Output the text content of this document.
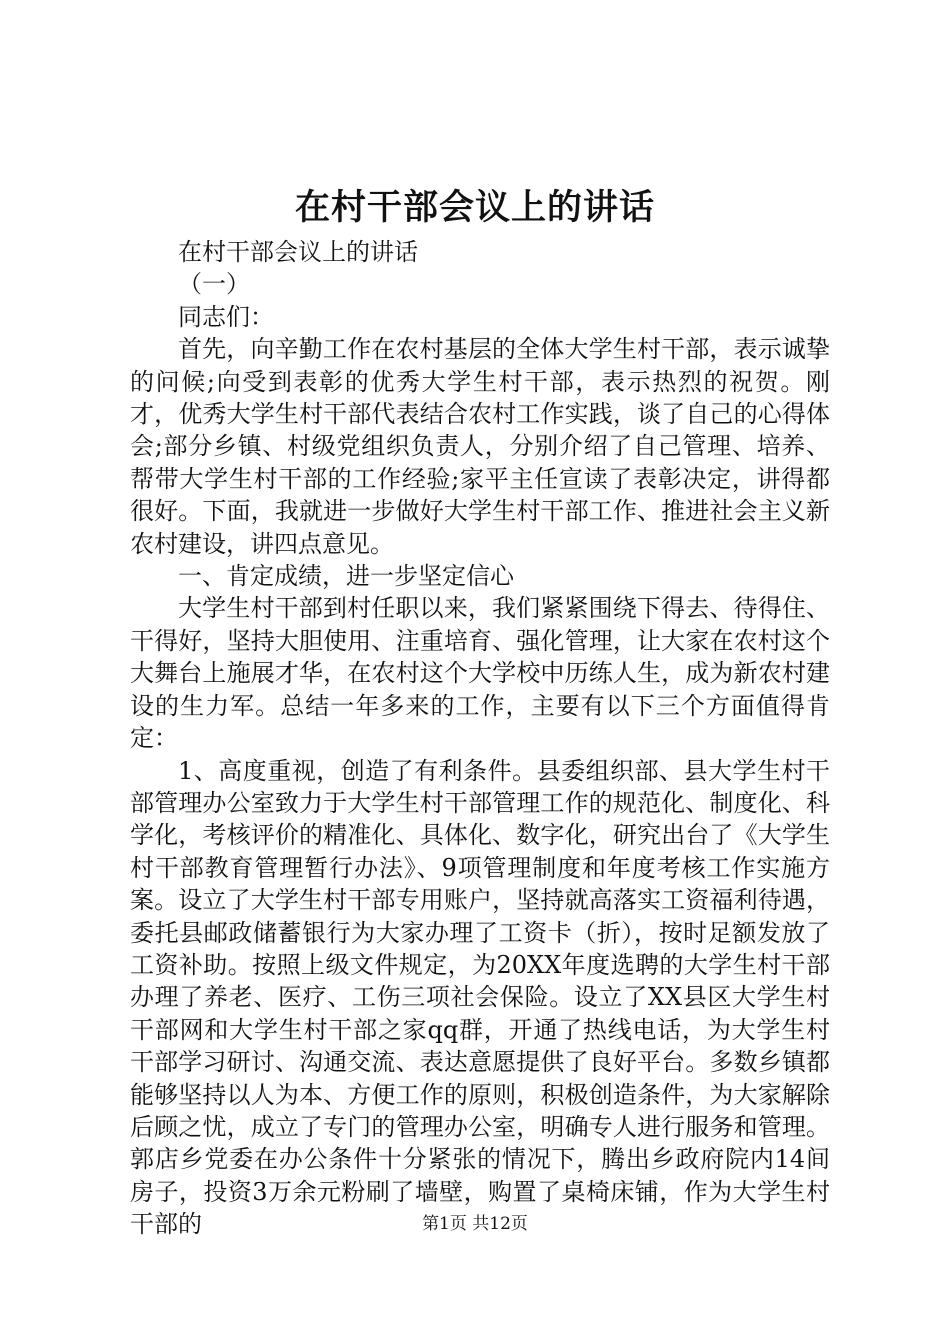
在村干部会议上的讲话

在村干部会议上的讲话

（一）

同志们：

首先，向辛勤工作在农村基层的全体大学生村干部，表示诚挚的问候;向受到表彰的优秀大学生村干部，表示热烈的祝贺。刚才，优秀大学生村干部代表结合农村工作实践，谈了自己的心得体会;部分乡镇、村级党组织负责人，分别介绍了自己管理、培养、帮带大学生村干部的工作经验;家平主任宣读了表彰决定，讲得都很好。下面，我就进一步做好大学生村干部工作、推进社会主义新农村建设，讲四点意见。

一、肯定成绩，进一步坚定信心

大学生村干部到村任职以来，我们紧紧围绕下得去、待得住、干得好，坚持大胆使用、注重培育、强化管理，让大家在农村这个大舞台上施展才华，在农村这个大学校中历练人生，成为新农村建设的生力军。总结一年多来的工作，主要有以下三个方面值得肯定：

1、高度重视，创造了有利条件。县委组织部、县大学生村干部管理办公室致力于大学生村干部管理工作的规范化、制度化、科学化，考核评价的精准化、具体化、数字化，研究出台了《大学生村干部教育管理暂行办法》、9项管理制度和年度考核工作实施方案。设立了大学生村干部专用账户，坚持就高落实工资福利待遇，委托县邮政储蓄银行为大家办理了工资卡（折），按时足额发放了工资补助。按照上级文件规定，为20XX年度选聘的大学生村干部办理了养老、医疗、工伤三项社会保险。设立了XX县区大学生村干部网和大学生村干部之家qq群，开通了热线电话，为大学生村干部学习研讨、沟通交流、表达意愿提供了良好平台。多数乡镇都能够坚持以人为本、方便工作的原则，积极创造条件，为大家解除后顾之忧，成立了专门的管理办公室，明确专人进行服务和管理。郭店乡党委在办公条件十分紧张的情况下，腾出乡政府院内14间房子，投资3万余元粉刷了墙壁，购置了桌椅床铺，作为大学生村干部的	第1页 共12页
